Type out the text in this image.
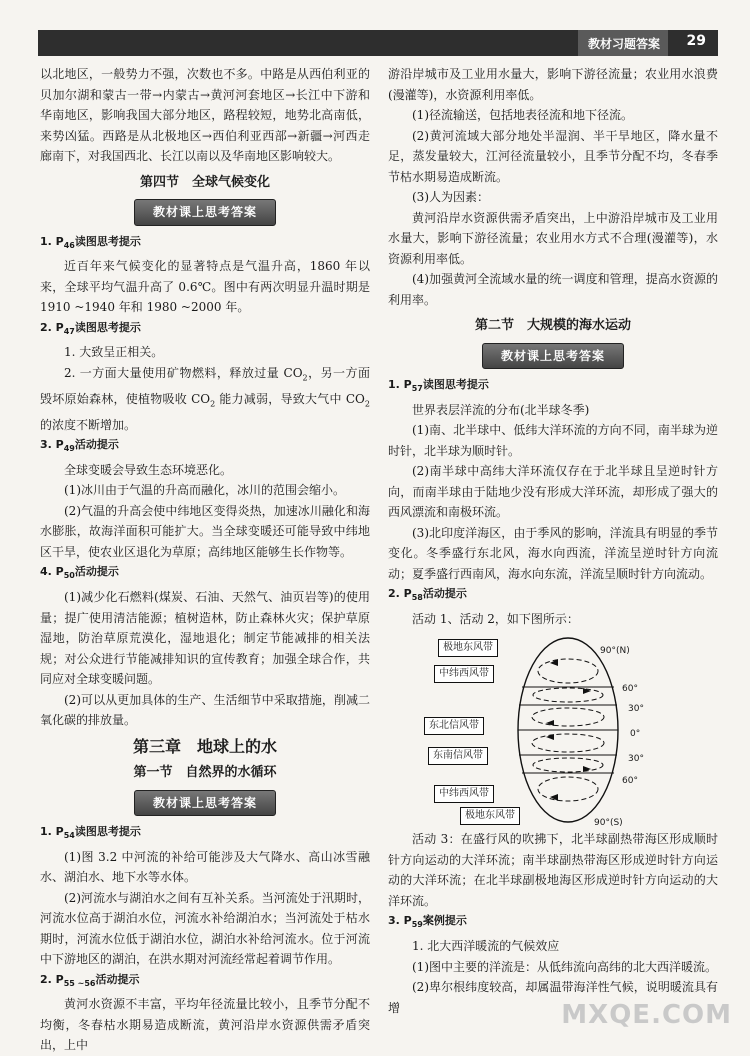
教材习题答案 29

以北地区，一般势力不强，次数也不多。中路是从西伯利亚的贝加尔湖和蒙古一带→内蒙古→黄河河套地区→长江中下游和华南地区，影响我国大部分地区，路程较短，地势北高南低，来势凶猛。西路是从北极地区→西伯利亚西部→新疆→河西走廊南下，对我国西北、长江以南以及华南地区影响较大。

第四节　全球气候变化
教材课上思考答案

1. $P_{46}$读图思考提示

近百年来气候变化的显著特点是气温升高，1860 年以来，全球平均气温升高了 0.6℃。图中有两次明显升温时期是 1910 ~1940 年和 1980 ~2000 年。

2. $P_{47}$读图思考提示

1. 大致呈正相关。

2. 一方面大量使用矿物燃料，释放过量 $CO_2$，另一方面毁坏原始森林，使植物吸收 $CO_2$ 能力减弱，导致大气中 $CO_2$ 的浓度不断增加。

3. $P_{49}$活动提示

全球变暖会导致生态环境恶化。

(1)冰川由于气温的升高而融化，冰川的范围会缩小。

(2)气温的升高会使中纬地区变得炎热，加速冰川融化和海水膨胀，故海洋面积可能扩大。当全球变暖还可能导致中纬地区干旱，使农业区退化为草原；高纬地区能够生长作物等。

4. $P_{50}$活动提示

(1)减少化石燃料(煤炭、石油、天然气、油页岩等)的使用量；提广使用清洁能源；植树造林，防止森林火灾；保护草原湿地，防治草原荒漠化，湿地退化；制定节能减排的相关法规；对公众进行节能减排知识的宣传教育；加强全球合作，共同应对全球变暖问题。

(2)可以从更加具体的生产、生活细节中采取措施，削减二氧化碳的排放量。

第三章　地球上的水
第一节　自然界的水循环
教材课上思考答案

1. $P_{54}$读图思考提示

(1)图 3.2 中河流的补给可能涉及大气降水、高山冰雪融水、湖泊水、地下水等水体。

(2)河流水与湖泊水之间有互补关系。当河流处于汛期时，河流水位高于湖泊水位，河流水补给湖泊水；当河流处于枯水期时，河流水位低于湖泊水位，湖泊水补给河流水。位于河流中下游地区的湖泊，在洪水期对河流经常起着调节作用。

2. $P_{55 \sim 56}$活动提示

黄河水资源不丰富，平均年径流量比较小，且季节分配不均衡，冬春枯水期易造成断流，黄河沿岸水资源供需矛盾突出，上中

游沿岸城市及工业用水量大，影响下游径流量；农业用水浪费(漫灌等)，水资源利用率低。

(1)径流输送，包括地表径流和地下径流。

(2)黄河流域大部分地处半湿润、半干旱地区，降水量不足，蒸发量较大，江河径流量较小，且季节分配不均，冬春季节枯水期易造成断流。

(3)人为因素：

黄河沿岸水资源供需矛盾突出，上中游沿岸城市及工业用水量大，影响下游径流量；农业用水方式不合理(漫灌等)，水资源利用率低。

(4)加强黄河全流域水量的统一调度和管理，提高水资源的利用率。

第二节　大规模的海水运动
教材课上思考答案

1. $P_{57}$读图思考提示

世界表层洋流的分布(北半球冬季)

(1)南、北半球中、低纬大洋环流的方向不同，南半球为逆时针，北半球为顺时针。

(2)南半球中高纬大洋环流仅存在于北半球且呈逆时针方向，而南半球由于陆地少没有形成大洋环流，却形成了强大的西风漂流和南极环流。

(3)北印度洋海区，由于季风的影响，洋流具有明显的季节变化。冬季盛行东北风，海水向西流，洋流呈逆时针方向流动；夏季盛行西南风，海水向东流，洋流呈顺时针方向流动。

2. $P_{58}$活动提示

活动 1、活动 2，如下图所示：

极地东风带
中纬西风带
东北信风带
东南信风带
中纬西风带
极地东风带
90°(N)
60°
30°
0°
30°
60°
90°(S)

活动 3：在盛行风的吹拂下，北半球副热带海区形成顺时针方向运动的大洋环流；南半球副热带海区形成逆时针方向运动的大洋环流；在北半球副极地海区形成逆时针方向运动的大洋环流。

3. $P_{59}$案例提示

1. 北大西洋暖流的气候效应

(1)图中主要的洋流是：从低纬流向高纬的北大西洋暖流。

(2)卑尔根纬度较高，却属温带海洋性气候，说明暖流具有增	MXQE.COM
